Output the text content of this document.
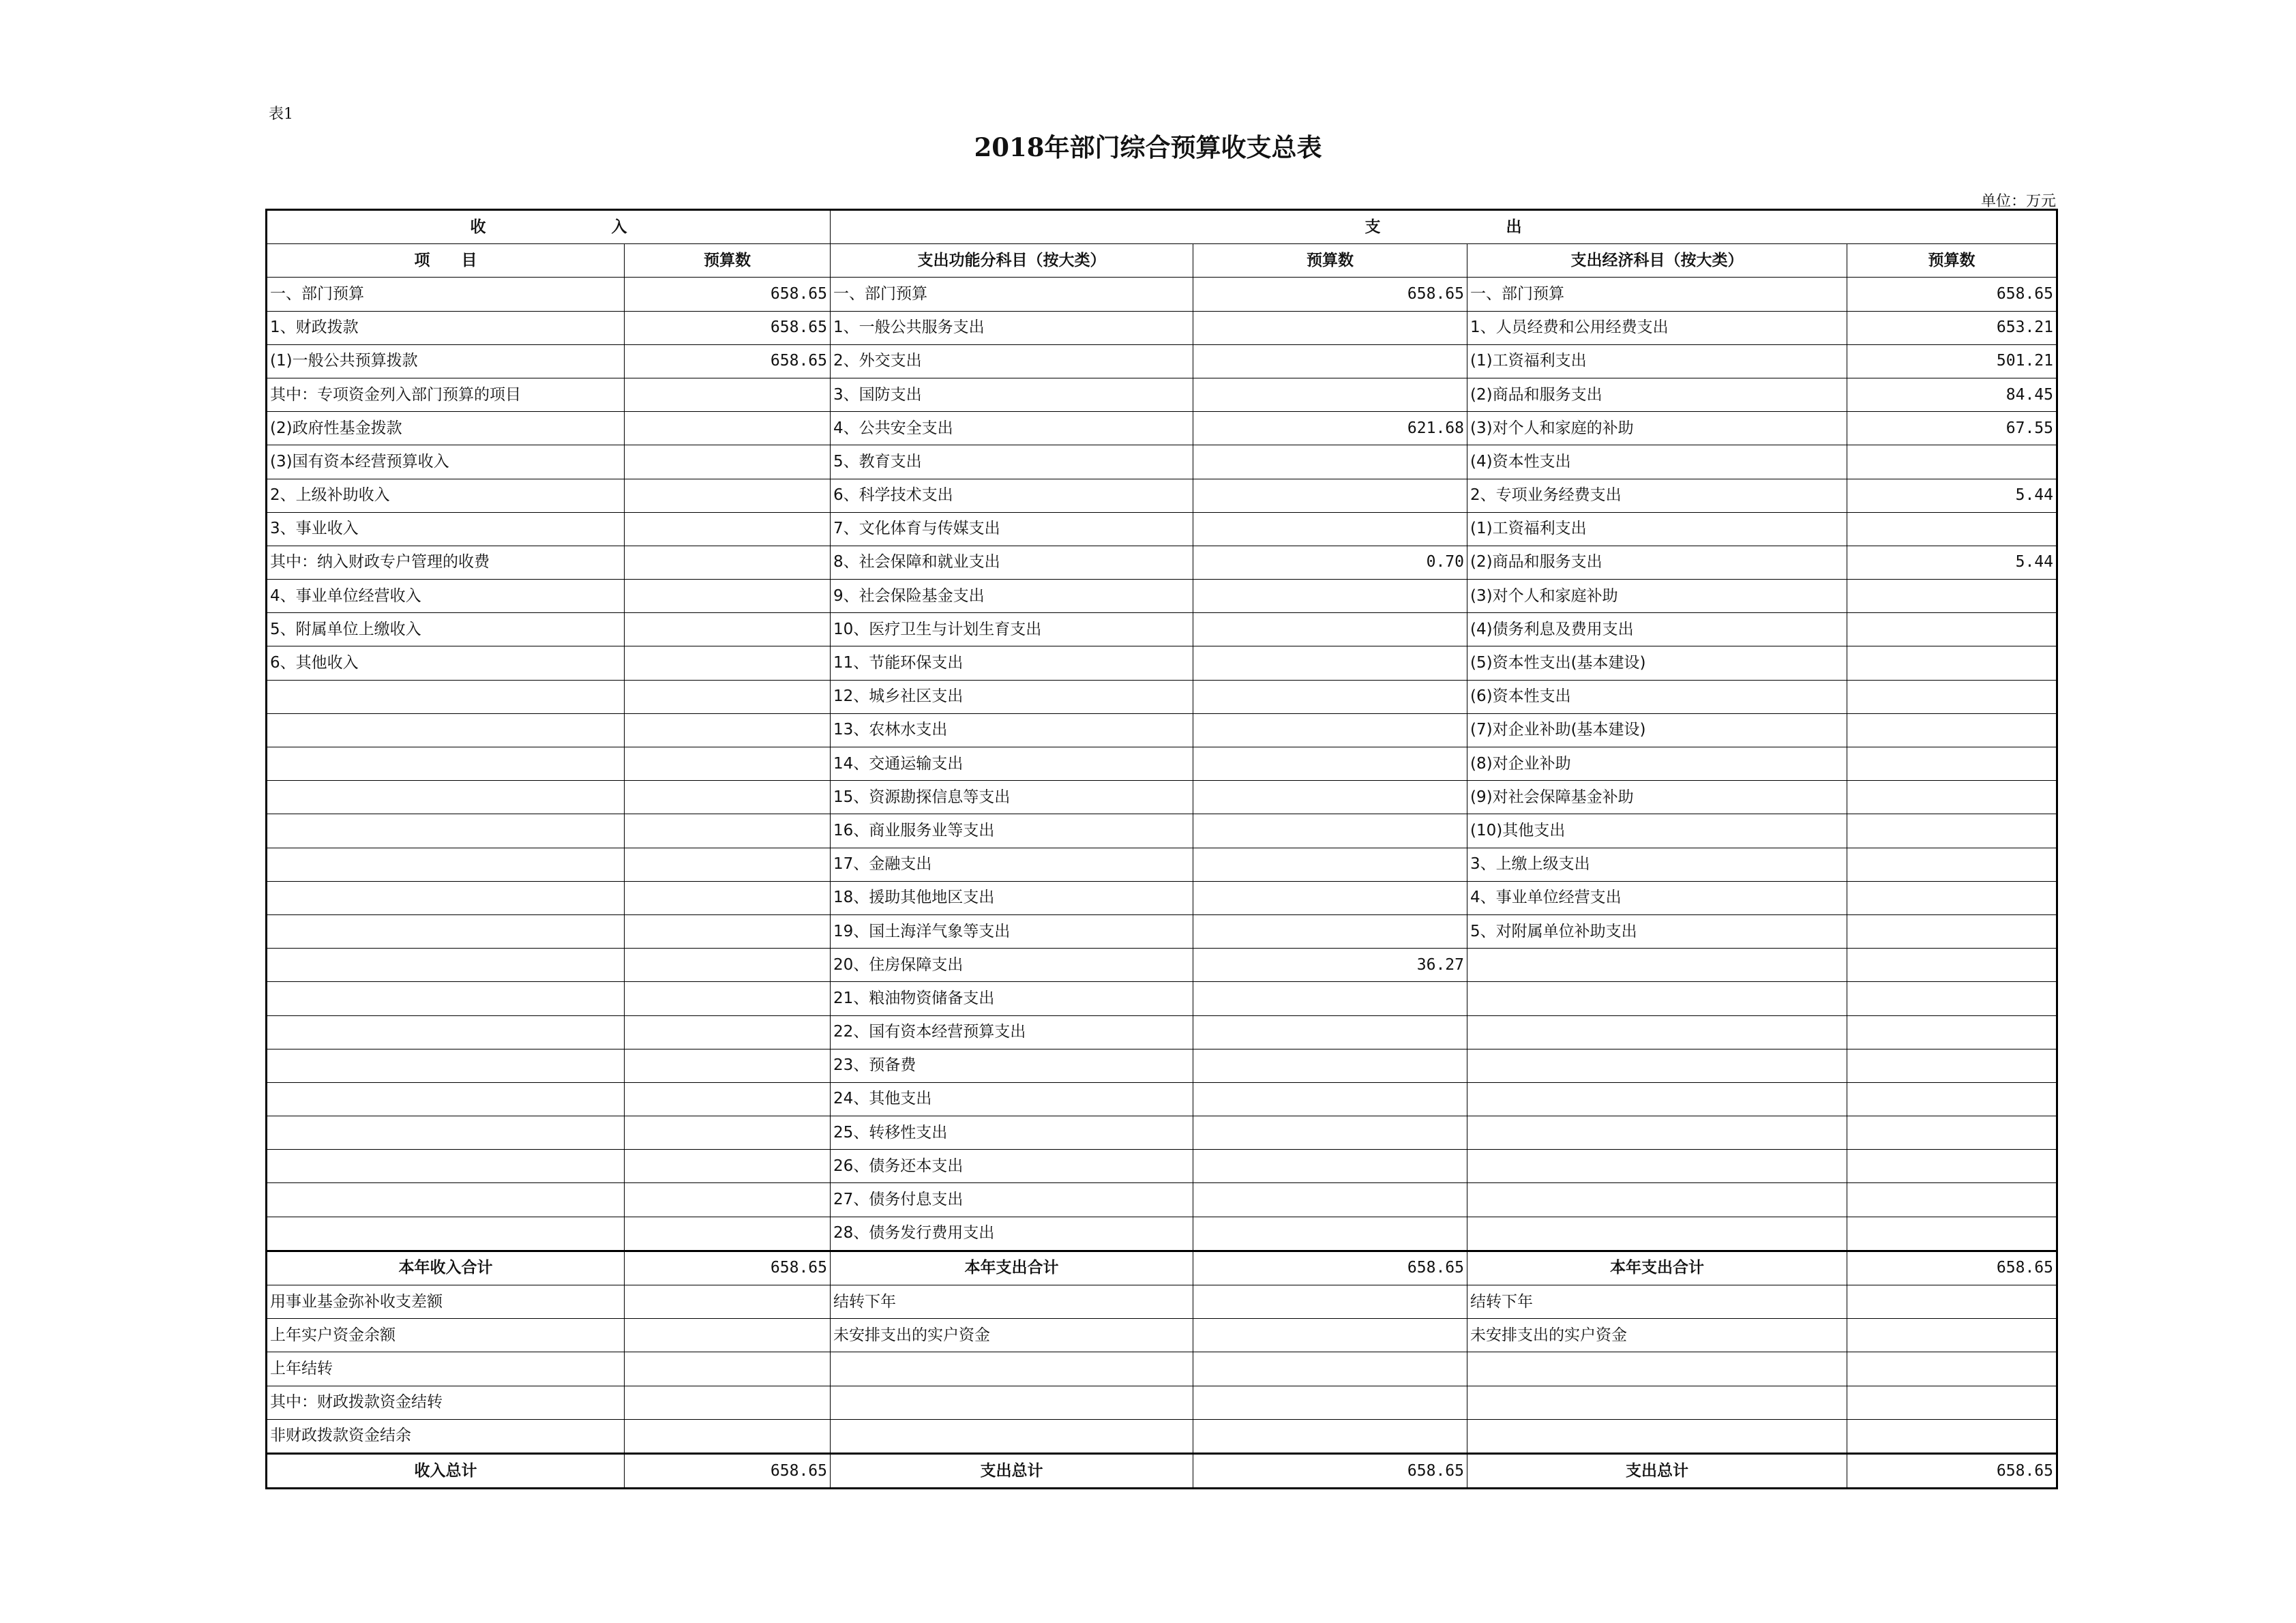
表1
2018年部门综合预算收支总表
单位：万元
收　　　　　　　　入		支　　　　　　　　出			
项　　目	预算数	支出功能分科目（按大类）	预算数	支出经济科目（按大类）	预算数
一、部门预算	658.65	一、部门预算	658.65	一、部门预算	658.65
1、财政拨款	658.65	1、一般公共服务支出		1、人员经费和公用经费支出	653.21
(1)一般公共预算拨款	658.65	2、外交支出		(1)工资福利支出	501.21
其中：专项资金列入部门预算的项目		3、国防支出		(2)商品和服务支出	84.45
(2)政府性基金拨款		4、公共安全支出	621.68	(3)对个人和家庭的补助	67.55
(3)国有资本经营预算收入		5、教育支出		(4)资本性支出	
2、上级补助收入		6、科学技术支出		2、专项业务经费支出	5.44
3、事业收入		7、文化体育与传媒支出		(1)工资福利支出	
其中：纳入财政专户管理的收费		8、社会保障和就业支出	0.70	(2)商品和服务支出	5.44
4、事业单位经营收入		9、社会保险基金支出		(3)对个人和家庭补助	
5、附属单位上缴收入		10、医疗卫生与计划生育支出		(4)债务利息及费用支出	
6、其他收入		11、节能环保支出		(5)资本性支出(基本建设)	
		12、城乡社区支出		(6)资本性支出	
		13、农林水支出		(7)对企业补助(基本建设)	
		14、交通运输支出		(8)对企业补助	
		15、资源勘探信息等支出		(9)对社会保障基金补助	
		16、商业服务业等支出		(10)其他支出	
		17、金融支出		3、上缴上级支出	
		18、援助其他地区支出		4、事业单位经营支出	
		19、国土海洋气象等支出		5、对附属单位补助支出	
		20、住房保障支出	36.27		
		21、粮油物资储备支出			
		22、国有资本经营预算支出			
		23、预备费			
		24、其他支出			
		25、转移性支出			
		26、债务还本支出			
		27、债务付息支出			
		28、债务发行费用支出			
本年收入合计	658.65	本年支出合计	658.65	本年支出合计	658.65
用事业基金弥补收支差额		结转下年		结转下年	
上年实户资金余额		未安排支出的实户资金		未安排支出的实户资金	
上年结转					
其中：财政拨款资金结转					
非财政拨款资金结余					
收入总计	658.65	支出总计	658.65	支出总计	658.65
